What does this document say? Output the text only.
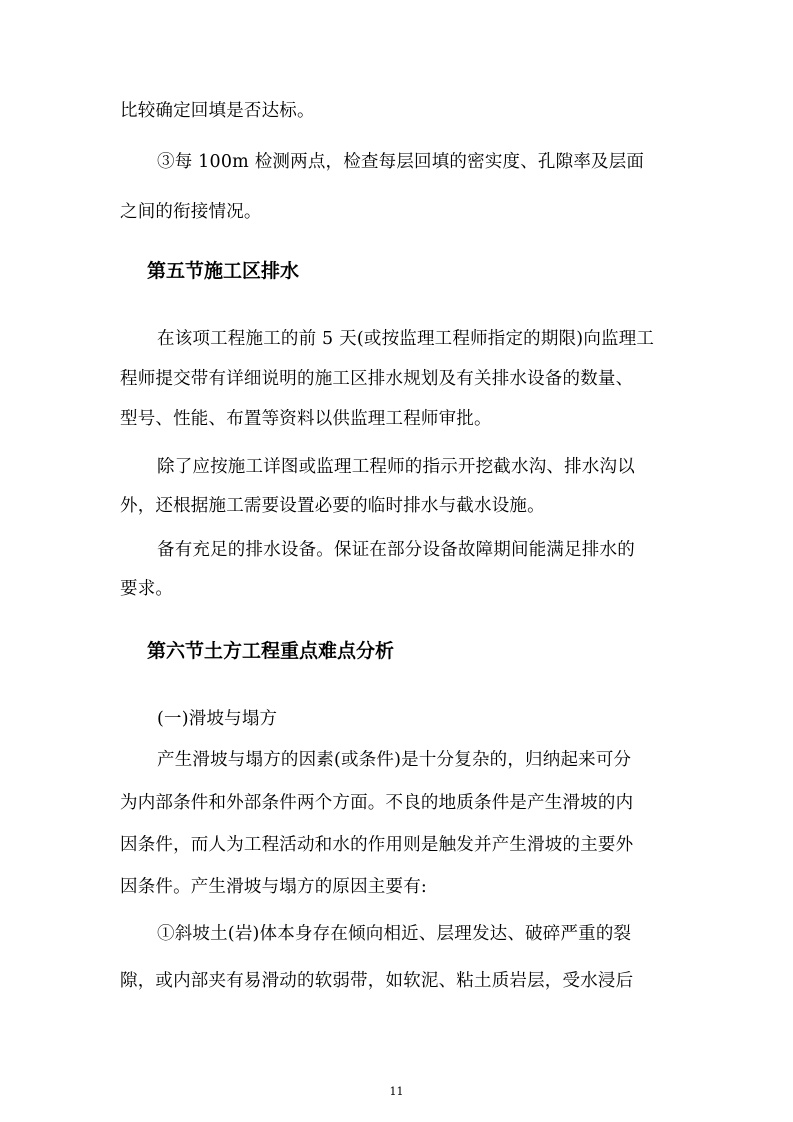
比较确定回填是否达标。
③每 100m 检测两点，检查每层回填的密实度、孔隙率及层面
之间的衔接情况。
第五节施工区排水
在该项工程施工的前 5 天(或按监理工程师指定的期限)向监理工
程师提交带有详细说明的施工区排水规划及有关排水设备的数量、
型号、性能、布置等资料以供监理工程师审批。
除了应按施工详图或监理工程师的指示开挖截水沟、排水沟以
外，还根据施工需要设置必要的临时排水与截水设施。
备有充足的排水设备。保证在部分设备故障期间能满足排水的
要求。
第六节土方工程重点难点分析
(一)滑坡与塌方
产生滑坡与塌方的因素(或条件)是十分复杂的，归纳起来可分
为内部条件和外部条件两个方面。不良的地质条件是产生滑坡的内
因条件，而人为工程活动和水的作用则是触发并产生滑坡的主要外
因条件。产生滑坡与塌方的原因主要有:
①斜坡土(岩)体本身存在倾向相近、层理发达、破碎严重的裂
隙，或内部夹有易滑动的软弱带，如软泥、粘土质岩层，受水浸后
11
